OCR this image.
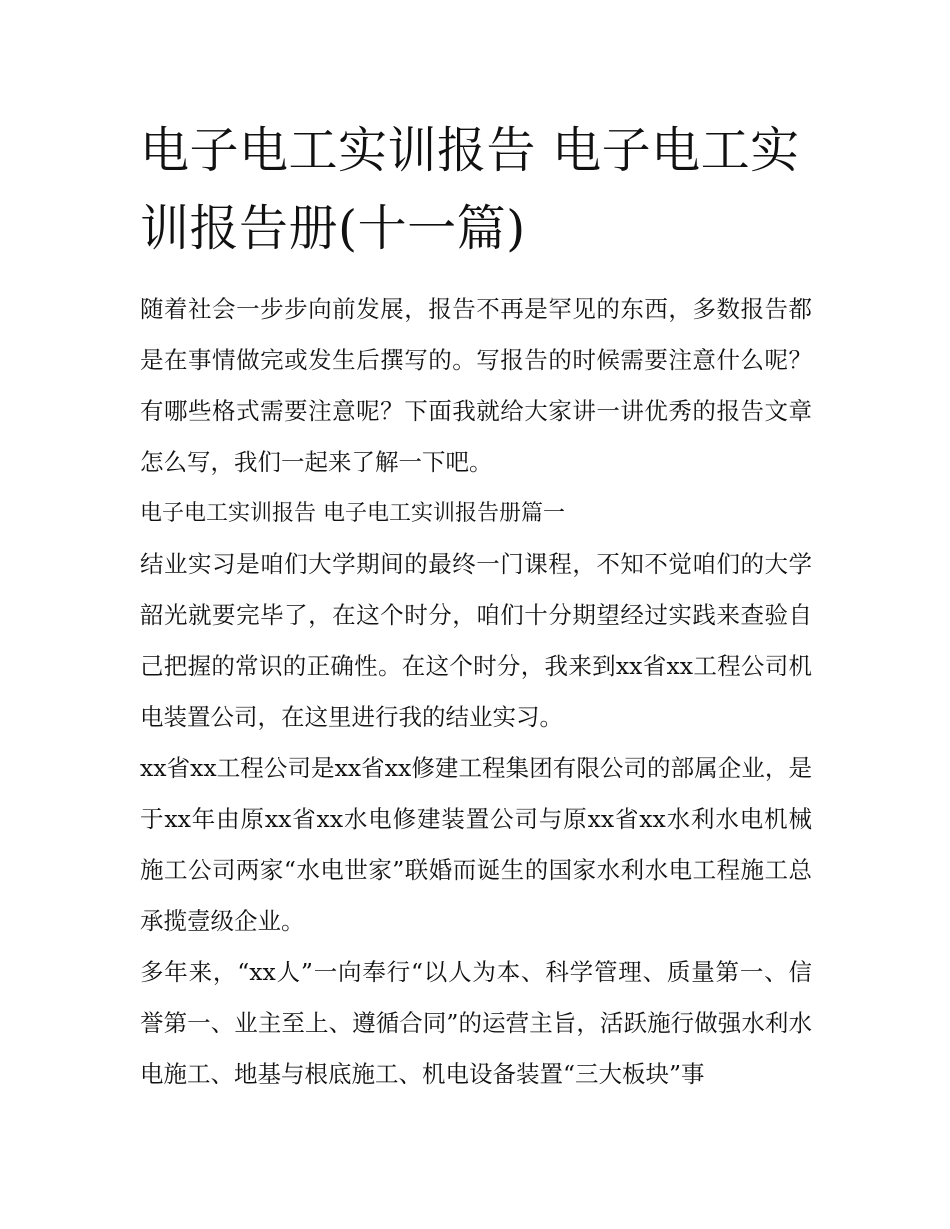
电子电工实训报告 电子电工实训报告册(十一篇)

随着社会一步步向前发展，报告不再是罕见的东西，多数报告都是在事情做完或发生后撰写的。写报告的时候需要注意什么呢？有哪些格式需要注意呢？下面我就给大家讲一讲优秀的报告文章怎么写，我们一起来了解一下吧。

电子电工实训报告 电子电工实训报告册篇一

结业实习是咱们大学期间的最终一门课程，不知不觉咱们的大学韶光就要完毕了，在这个时分，咱们十分期望经过实践来查验自己把握的常识的正确性。在这个时分，我来到xx省xx工程公司机电装置公司，在这里进行我的结业实习。

xx省xx工程公司是xx省xx修建工程集团有限公司的部属企业，是于xx年由原xx省xx水电修建装置公司与原xx省xx水利水电机械施工公司两家“水电世家”联婚而诞生的国家水利水电工程施工总承揽壹级企业。

多年来，“xx人”一向奉行“以人为本、科学管理、质量第一、信誉第一、业主至上、遵循合同”的运营主旨，活跃施行做强水利水电施工、地基与根底施工、机电设备装置“三大板块”事
